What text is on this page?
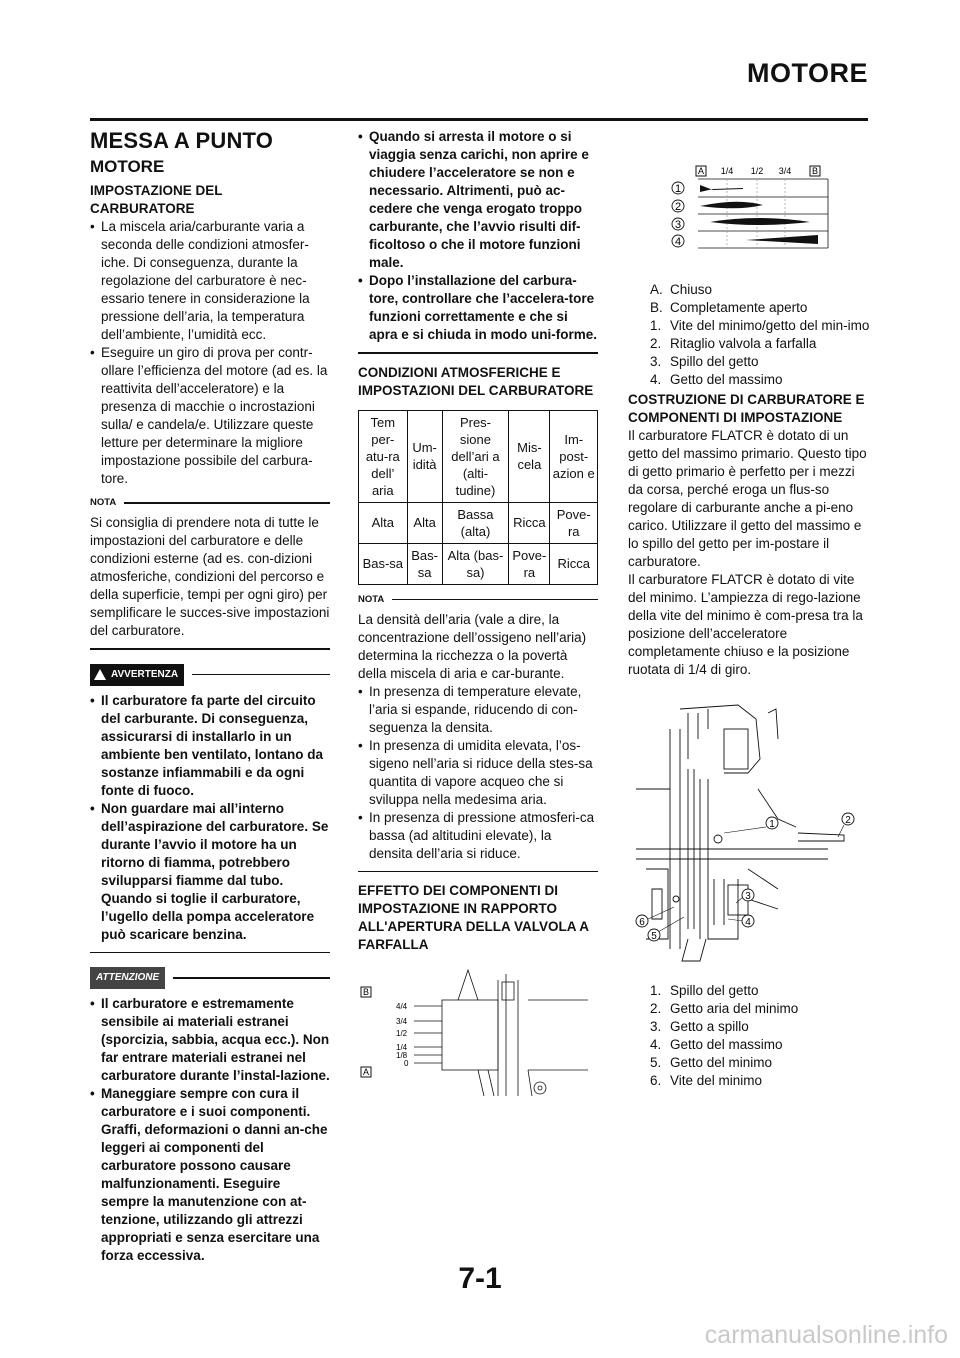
MOTORE
MESSA A PUNTO
MOTORE
IMPOSTAZIONE DEL CARBURATORE
• La miscela aria/carburante varia a seconda delle condizioni atmosfer-iche. Di conseguenza, durante la regolazione del carburatore è nec-essario tenere in considerazione la pressione dell’aria, la temperatura dell’ambiente, l’umidità ecc.
• Eseguire un giro di prova per contr-ollare l’efficienza del motore (ad es. la reattivita dell’acceleratore) e la presenza di macchie o incrostazioni sulla/ e candela/e. Utilizzare queste letture per determinare la migliore impostazione possibile del carbura-tore.
NOTA

Si consiglia di prendere nota di tutte le impostazioni del carburatore e delle condizioni esterne (ad es. con-dizioni atmosferiche, condizioni del percorso e della superficie, tempi per ogni giro) per semplificare le succes-sive impostazioni del carburatore.

AVVERTENZA
• Il carburatore fa parte del circuito del carburante. Di conseguenza, assicurarsi di installarlo in un ambiente ben ventilato, lontano da sostanze infiammabili e da ogni fonte di fuoco.
• Non guardare mai all’interno dell’aspirazione del carburatore. Se durante l’avvio il motore ha un ritorno di fiamma, potrebbero svilupparsi fiamme dal tubo. Quando si toglie il carburatore, l’ugello della pompa acceleratore può scaricare benzina.
ATTENZIONE
• Il carburatore e estremamente sensibile ai materiali estranei (sporcizia, sabbia, acqua ecc.). Non far entrare materiali estranei nel carburatore durante l’instal-lazione.
• Maneggiare sempre con cura il carburatore e i suoi componenti. Graffi, deformazioni o danni an-che leggeri ai componenti del carburatore possono causare malfunzionamenti. Eseguire sempre la manutenzione con at-tenzione, utilizzando gli attrezzi appropriati e senza esercitare una forza eccessiva.
• Quando si arresta il motore o si viaggia senza carichi, non aprire e chiudere l’acceleratore se non e necessario. Altrimenti, può ac-cedere che venga erogato troppo carburante, che l’avvio risulti dif-ficoltoso o che il motore funzioni male.
• Dopo l’installazione del carbura-tore, controllare che l’accelera-tore funzioni correttamente e che si apra e si chiuda in modo uni-forme.
CONDIZIONI ATMOSFERICHE E IMPOSTAZIONI DEL CARBURATORE
Tem per-atu-ra dell’ aria	Um-idità	Pres-sione dell’ari a (alti-tudine)	Mis-cela	Im-post-azion e
Alta	Alta	Bassa (alta)	Ricca	Pove-ra
Bas-sa	Bas-sa	Alta (bas-sa)	Pove-ra	Ricca
NOTA

La densità dell’aria (vale a dire, la concentrazione dell’ossigeno nell’aria) determina la ricchezza o la povertà della miscela di aria e car-burante.

• In presenza di temperature elevate, l’aria si espande, riducendo di con-seguenza la densita.
• In presenza di umidita elevata, l’os-sigeno nell’aria si riduce della stes-sa quantita di vapore acqueo che si sviluppa nella medesima aria.
• In presenza di pressione atmosferi-ca bassa (ad altitudini elevate), la densita dell’aria si riduce.
EFFETTO DEI COMPONENTI DI IMPOSTAZIONE IN RAPPORTO ALL'APERTURA DELLA VALVOLA A FARFALLA
B
A
4/4
3/4
1/2
1/4
1/8
0
A 1/4 1/2 3/4 B
1
2
3
4
A. Chiuso
B. Completamente aperto
1. Vite del minimo/getto del min-imo
2. Ritaglio valvola a farfalla
3. Spillo del getto
4. Getto del massimo
COSTRUZIONE DI CARBURATORE E COMPONENTI DI IMPOSTAZIONE

Il carburatore FLATCR è dotato di un getto del massimo primario. Questo tipo di getto primario è perfetto per i mezzi da corsa, perché eroga un flus-so regolare di carburante anche a pi-eno carico. Utilizzare il getto del massimo e lo spillo del getto per im-postare il carburatore.

Il carburatore FLATCR è dotato di vite del minimo. L’ampiezza di rego-lazione della vite del minimo è com-presa tra la posizione dell’acceleratore completamente chiuso e la posizione ruotata di 1/4 di giro.

1	2
3
4
5
6
1. Spillo del getto
2. Getto aria del minimo
3. Getto a spillo
4. Getto del massimo
5. Getto del minimo
6. Vite del minimo
7-1
carmanualsonline.info
